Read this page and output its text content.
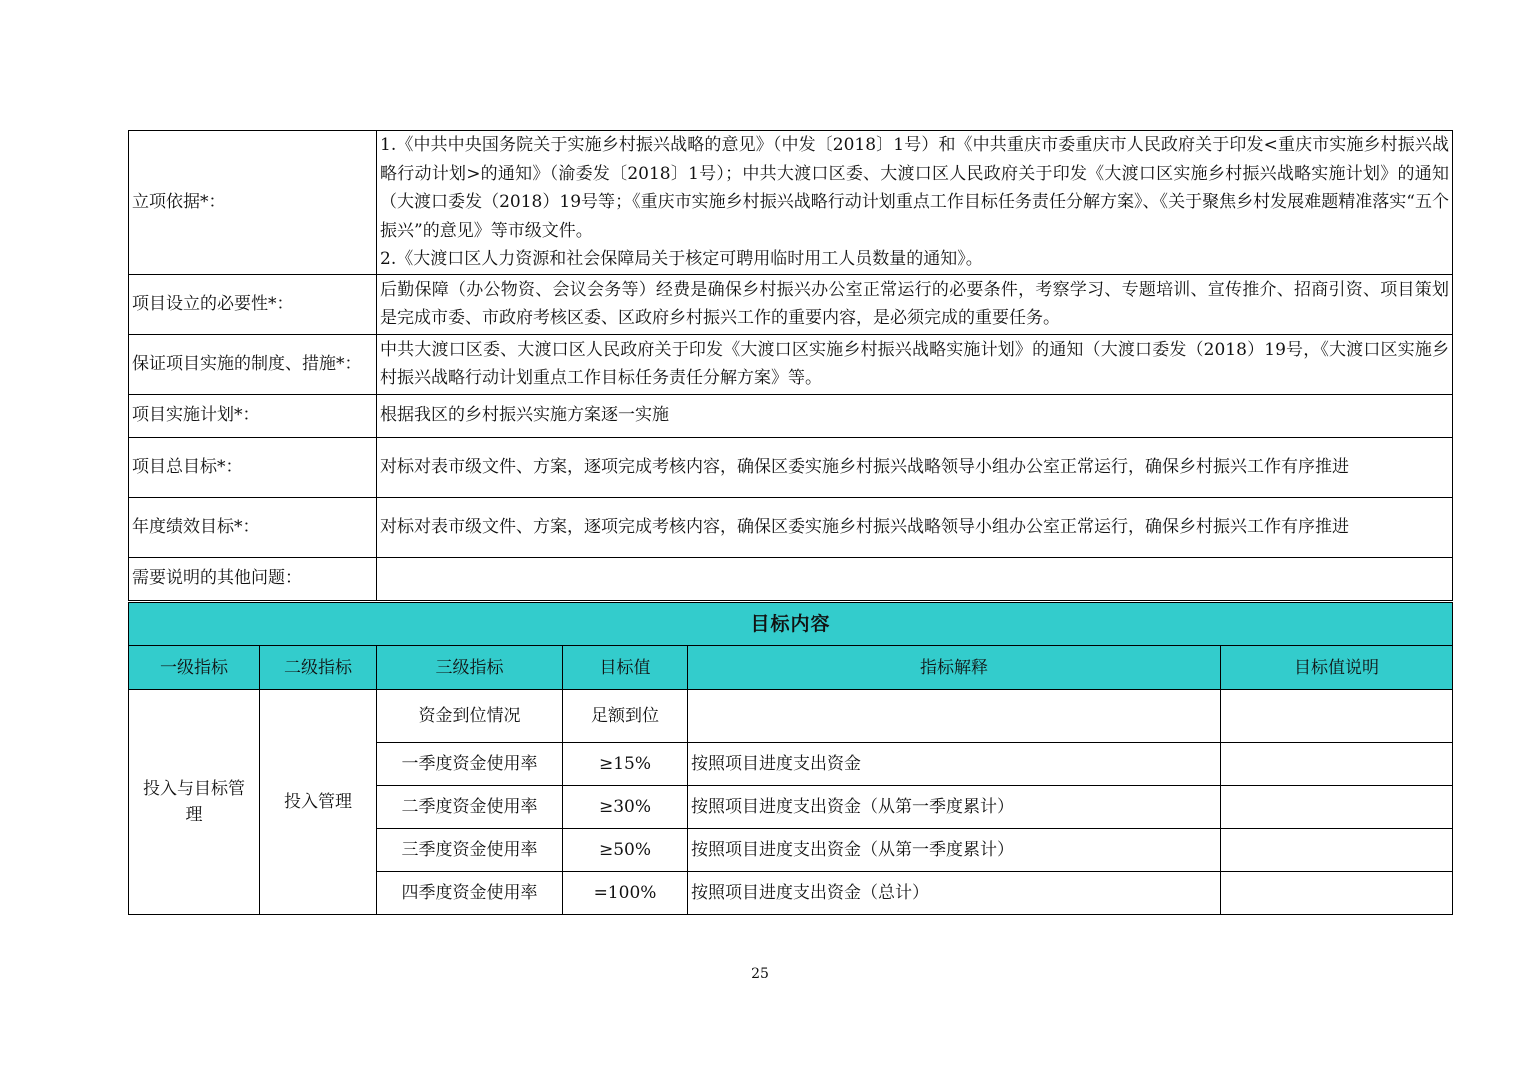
立项依据*：	1.《中共中央国务院关于实施乡村振兴战略的意见》（中发〔2018〕1号）和《中共重庆市委重庆市人民政府关于印发<重庆市实施乡村振兴战略行动计划>的通知》（渝委发〔2018〕1号）；中共大渡口区委、大渡口区人民政府关于印发《大渡口区实施乡村振兴战略实施计划》的通知（大渡口委发（2018）19号等；《重庆市实施乡村振兴战略行动计划重点工作目标任务责任分解方案》、《关于聚焦乡村发展难题精准落实“五个振兴”的意见》等市级文件。
2.《大渡口区人力资源和社会保障局关于核定可聘用临时用工人员数量的通知》。

项目设立的必要性*：	后勤保障（办公物资、会议会务等）经费是确保乡村振兴办公室正常运行的必要条件，考察学习、专题培训、宣传推介、招商引资、项目策划是完成市委、市政府考核区委、区政府乡村振兴工作的重要内容，是必须完成的重要任务。
保证项目实施的制度、措施*：	中共大渡口区委、大渡口区人民政府关于印发《大渡口区实施乡村振兴战略实施计划》的通知（大渡口委发（2018）19号，《大渡口区实施乡村振兴战略行动计划重点工作目标任务责任分解方案》等。
项目实施计划*：	根据我区的乡村振兴实施方案逐一实施
项目总目标*：	对标对表市级文件、方案，逐项完成考核内容，确保区委实施乡村振兴战略领导小组办公室正常运行，确保乡村振兴工作有序推进
年度绩效目标*：	对标对表市级文件、方案，逐项完成考核内容，确保区委实施乡村振兴战略领导小组办公室正常运行，确保乡村振兴工作有序推进
需要说明的其他问题：	
目标内容					
一级指标	二级指标	三级指标	目标值	指标解释	目标值说明
投入与目标管理	投入管理	资金到位情况	足额到位		
		一季度资金使用率	≥15%	按照项目进度支出资金	
		二季度资金使用率	≥30%	按照项目进度支出资金（从第一季度累计）	
		三季度资金使用率	≥50%	按照项目进度支出资金（从第一季度累计）	
		四季度资金使用率	=100%	按照项目进度支出资金（总计）	
25
